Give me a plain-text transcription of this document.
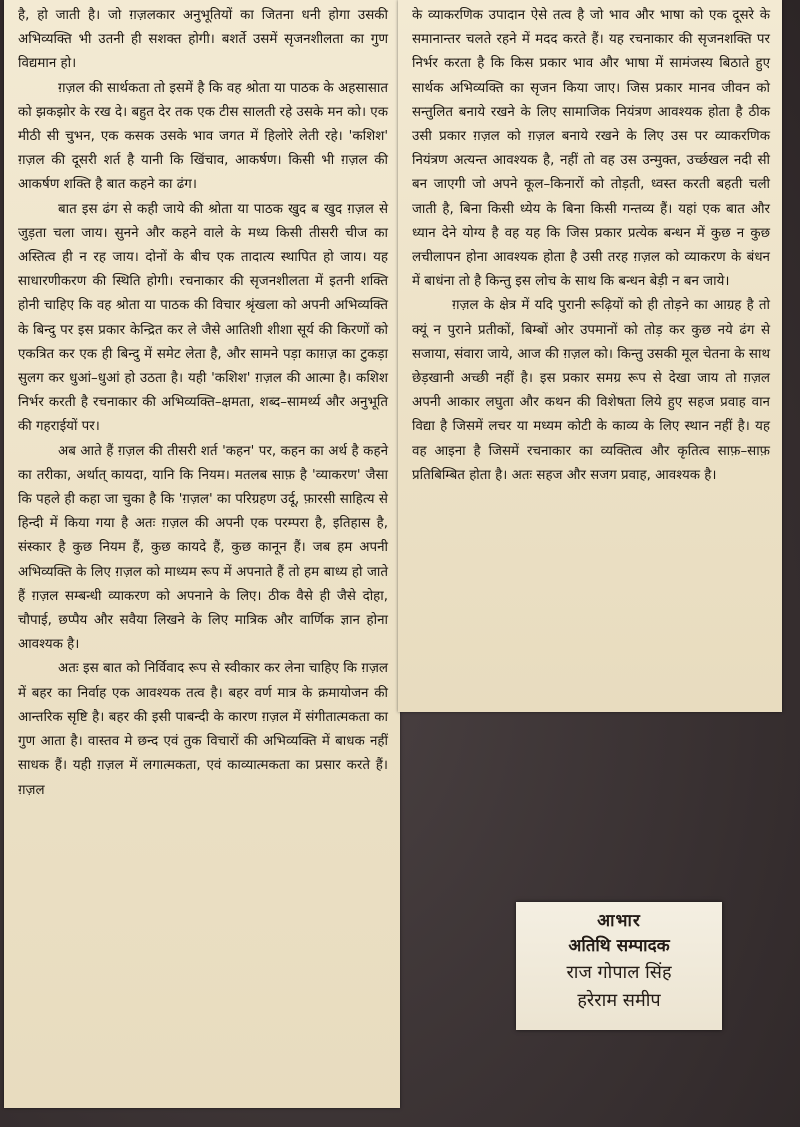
है, हो जाती है। जो ग़ज़लकार अनुभूतियों का जितना धनी होगा उसकी अभिव्यक्ति भी उतनी ही सशक्त होगी। बशर्ते उसमें सृजनशीलता का गुण विद्यमान हो।

ग़ज़ल की सार्थकता तो इसमें है कि वह श्रोता या पाठक के अहसासात को झकझोर के रख दे। बहुत देर तक एक टीस सालती रहे उसके मन को। एक मीठी सी चुभन, एक कसक उसके भाव जगत में हिलोरे लेती रहे। 'कशिश' ग़ज़ल की दूसरी शर्त है यानी कि खिंचाव, आकर्षण। किसी भी ग़ज़ल की आकर्षण शक्ति है बात कहने का ढंग।

बात इस ढंग से कही जाये की श्रोता या पाठक खुद ब खुद ग़ज़ल से जुड़ता चला जाय। सुनने और कहने वाले के मध्य किसी तीसरी चीज का अस्तित्व ही न रह जाय। दोनों के बीच एक तादात्य स्थापित हो जाय। यह साधारणीकरण की स्थिति होगी। रचनाकार की सृजनशीलता में इतनी शक्ति होनी चाहिए कि वह श्रोता या पाठक की विचार श्रृंखला को अपनी अभिव्यक्ति के बिन्दु पर इस प्रकार केन्द्रित कर ले जैसे आतिशी शीशा सूर्य की किरणों को एकत्रित कर एक ही बिन्दु में समेट लेता है, और सामने पड़ा काग़ज़ का टुकड़ा सुलग कर धुआं–धुआं हो उठता है। यही 'कशिश' ग़ज़ल की आत्मा है। कशिश निर्भर करती है रचनाकार की अभिव्यक्ति–क्षमता, शब्द–सामर्थ्य और अनुभूति की गहराईयों पर।

अब आते हैं ग़ज़ल की तीसरी शर्त 'कहन' पर, कहन का अर्थ है कहने का तरीका, अर्थात् कायदा, यानि कि नियम। मतलब साफ़ है 'व्याकरण' जैसा कि पहले ही कहा जा चुका है कि 'ग़ज़ल' का परिग्रहण उर्दू, फ़ारसी साहित्य से हिन्दी में किया गया है अतः ग़ज़ल की अपनी एक परम्परा है, इतिहास है, संस्कार है कुछ नियम हैं, कुछ कायदे हैं, कुछ कानून हैं। जब हम अपनी अभिव्यक्ति के लिए ग़ज़ल को माध्यम रूप में अपनाते हैं तो हम बाध्य हो जाते हैं ग़ज़ल सम्बन्धी व्याकरण को अपनाने के लिए। ठीक वैसे ही जैसे दोहा, चौपाई, छप्पैय और सवैया लिखने के लिए मात्रिक और वार्णिक ज्ञान होना आवश्यक है।

अतः इस बात को निर्विवाद रूप से स्वीकार कर लेना चाहिए कि ग़ज़ल में बहर का निर्वाह एक आवश्यक तत्व है। बहर वर्ण मात्र के क्रमायोजन की आन्तरिक सृष्टि है। बहर की इसी पाबन्दी के कारण ग़ज़ल में संगीतात्मकता का गुण आता है। वास्तव मे छन्द एवं तुक विचारों की अभिव्यक्ति में बाधक नहीं साधक हैं। यही ग़ज़ल में लगात्मकता, एवं काव्यात्मकता का प्रसार करते हैं। ग़ज़ल

के व्याकरणिक उपादान ऐसे तत्व है जो भाव और भाषा को एक दूसरे के समानान्तर चलते रहने में मदद करते हैं। यह रचनाकार की सृजनशक्ति पर निर्भर करता है कि किस प्रकार भाव और भाषा में सामंजस्य बिठाते हुए सार्थक अभिव्यक्ति का सृजन किया जाए। जिस प्रकार मानव जीवन को सन्तुलित बनाये रखने के लिए सामाजिक नियंत्रण आवश्यक होता है ठीक उसी प्रकार ग़ज़ल को ग़ज़ल बनाये रखने के लिए उस पर व्याकरणिक नियंत्रण अत्यन्त आवश्यक है, नहीं तो वह उस उन्मुक्त, उर्च्छखल नदी सी बन जाएगी जो अपने कूल–किनारों को तोड़ती, ध्वस्त करती बहती चली जाती है, बिना किसी ध्येय के बिना किसी गन्तव्य हैं। यहां एक बात और ध्यान देने योग्य है वह यह कि जिस प्रकार प्रत्येक बन्धन में कुछ न कुछ लचीलापन होना आवश्यक होता है उसी तरह ग़ज़ल को व्याकरण के बंधन में बाधंना तो है किन्तु इस लोच के साथ कि बन्धन बेड़ी न बन जाये।

ग़ज़ल के क्षेत्र में यदि पुरानी रूढ़ियों को ही तोड़ने का आग्रह है तो क्यूं न पुराने प्रतीकों, बिम्बों ओर उपमानों को तोड़ कर कुछ नये ढंग से सजाया, संवारा जाये, आज की ग़ज़ल को। किन्तु उसकी मूल चेतना के साथ छेड़खानी अच्छी नहीं है। इस प्रकार समग्र रूप से देखा जाय तो ग़ज़ल अपनी आकार लघुता और कथन की विशेषता लिये हुए सहज प्रवाह वान विद्या है जिसमें लचर या मध्यम कोटी के काव्य के लिए स्थान नहीं है। यह वह आइना है जिसमें रचनाकार का व्यक्तित्व और कृतित्व साफ़–साफ़ प्रतिबिम्बित होता है। अतः सहज और सजग प्रवाह, आवश्यक है।

आभार
अतिथि सम्पादक
राज गोपाल सिंह
हरेराम समीप
